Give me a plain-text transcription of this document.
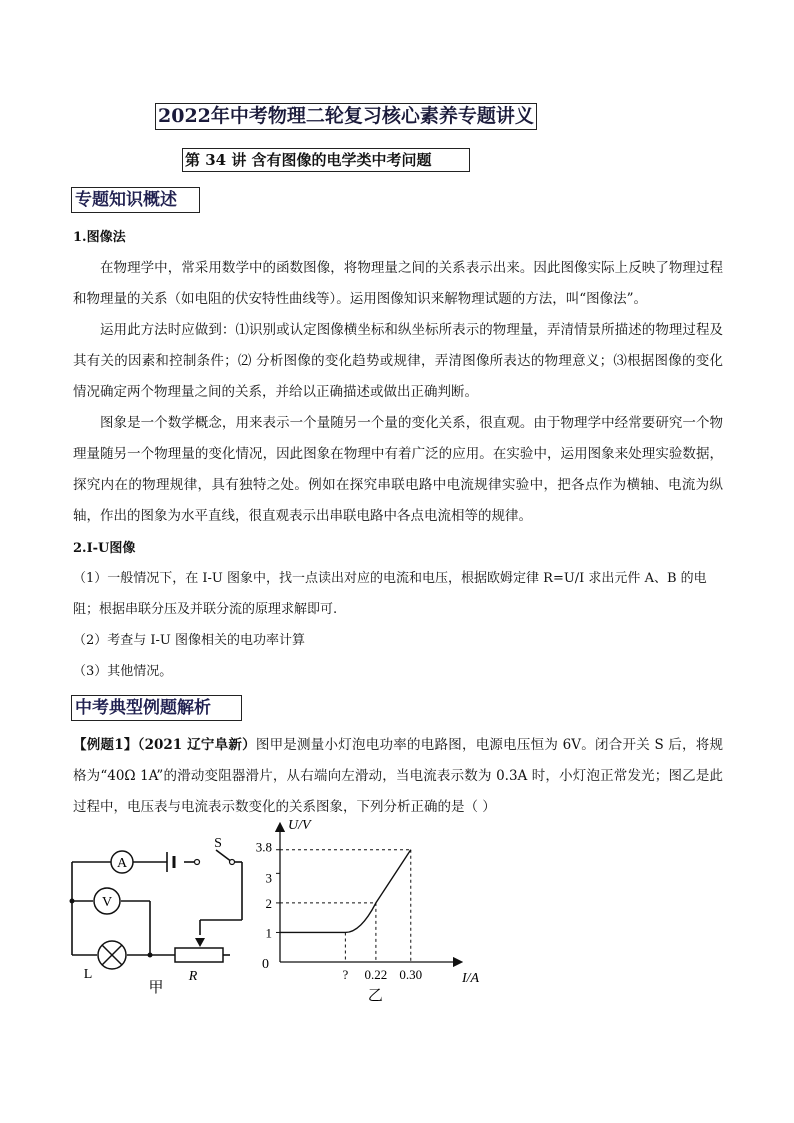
2022年中考物理二轮复习核心素养专题讲义
第 34 讲 含有图像的电学类中考问题
专题知识概述
1.图像法

在物理学中，常采用数学中的函数图像，将物理量之间的关系表示出来。因此图像实际上反映了物理过程和物理量的关系（如电阻的伏安特性曲线等）。运用图像知识来解物理试题的方法，叫“图像法”。

运用此方法时应做到：⑴识别或认定图像横坐标和纵坐标所表示的物理量，弄清情景所描述的物理过程及其有关的因素和控制条件；⑵ 分析图像的变化趋势或规律，弄清图像所表达的物理意义；⑶根据图像的变化情况确定两个物理量之间的关系，并给以正确描述或做出正确判断。

图象是一个数学概念，用来表示一个量随另一个量的变化关系，很直观。由于物理学中经常要研究一个物理量随另一个物理量的变化情况，因此图象在物理中有着广泛的应用。在实验中，运用图象来处理实验数据，探究内在的物理规律，具有独特之处。例如在探究串联电路中电流规律实验中，把各点作为横轴、电流为纵轴，作出的图象为水平直线，很直观表示出串联电路中各点电流相等的规律。

2.I-U图像

（1）一般情况下，在 I-U 图象中，找一点读出对应的电流和电压，根据欧姆定律 R=U/I 求出元件 A、B 的电阻；根据串联分压及并联分流的原理求解即可.

（2）考查与 I-U 图像相关的电功率计算

（3）其他情况。

中考典型例题解析

【例题1】（2021 辽宁阜新）图甲是测量小灯泡电功率的电路图，电源电压恒为 6V。闭合开关 S 后，将规格为“40Ω 1A”的滑动变阻器滑片，从右端向左滑动，当电流表示数为 0.3A 时，小灯泡正常发光；图乙是此过程中，电压表与电流表示数变化的关系图象，下列分析正确的是（ ）

A
V
L	R
S
甲
? 0.22 0.30
1
2
3
3.8
0
U/V
I/A
乙
